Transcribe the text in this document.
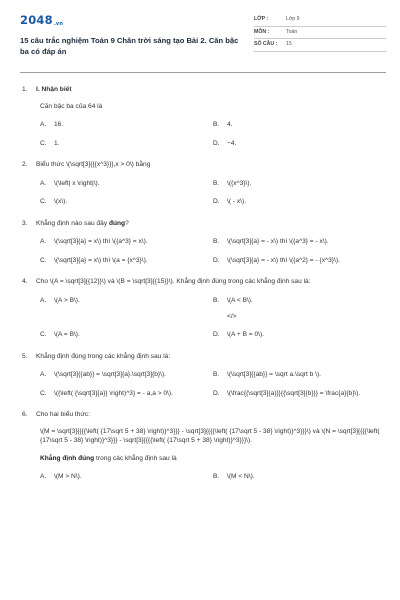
2048.vn
15 câu trắc nghiệm Toán 9 Chân trời sáng tạo Bài 2. Căn bậc ba có đáp án
LỚP :	Lớp 9
MÔN :	Toán
SỐ CÂU :	15
1.	I. Nhận biết
Căn bậc ba của 64 là
A.	16.	B.	4.
C.	1.	D.	−4.
2.	Biểu thức \(\sqrt[3]{{{x^3}}},x > 0\) bằng
A.	\(\left| x \right|\).	B.	\({x^3}\).
C.	\(x\).	D.	\( - x\).
3.	Khẳng định nào sau đây đúng?
A.	\(\sqrt[3]{a} = x\) thì \({a^3} = x\).	B.	\(\sqrt[3]{a} = - x\) thì \({a^3} = - x\).
C.	\(\sqrt[3]{a} = x\) thì \(a = {x^3}\).	D.	\(\sqrt[3]{a} = - x\) thì \({a^2} = - {x^3}\).
4.	Cho \(A = \sqrt[3]{{12}}\) và \(B = \sqrt[3]{{15}}\). Khẳng định đúng trong các khẳng định sau là:
A.	\(A > B\).	B.	\(A < B\).
</>
C.	\(A = B\).	D.	\(A + B = 0\).
5.	Khẳng định đúng trong các khẳng định sau là:
A.	\(\sqrt[3]{{ab}} = \sqrt[3]{a}.\sqrt[3]{b}\).	B.	\(\sqrt[3]{{ab}} = \sqrt a.\sqrt b \).
C.	\({\left( {\sqrt[3]{a}} \right)^3} = - a,a > 0\).	D.	\(\frac{{\sqrt[3]{a}}}{{\sqrt[3]{b}}} = \frac{a}{b}\).
6.	Cho hai biểu thức:
\(M = \sqrt[3]{{{{\left( {17\sqrt 5 + 38} \right)}^3}}} - \sqrt[3]{{{{\left( {17\sqrt 5 - 38} \right)}^3}}}\) và \(N = \sqrt[3]{{{{\left( {17\sqrt 5 - 38} \right)}^3}}} - \sqrt[3]{{{{\left( {17\sqrt 5 + 38} \right)}^3}}}\).
Khẳng định đúng trong các khẳng định sau là
A.	\(M > N\).	B.	\(M < N\).
